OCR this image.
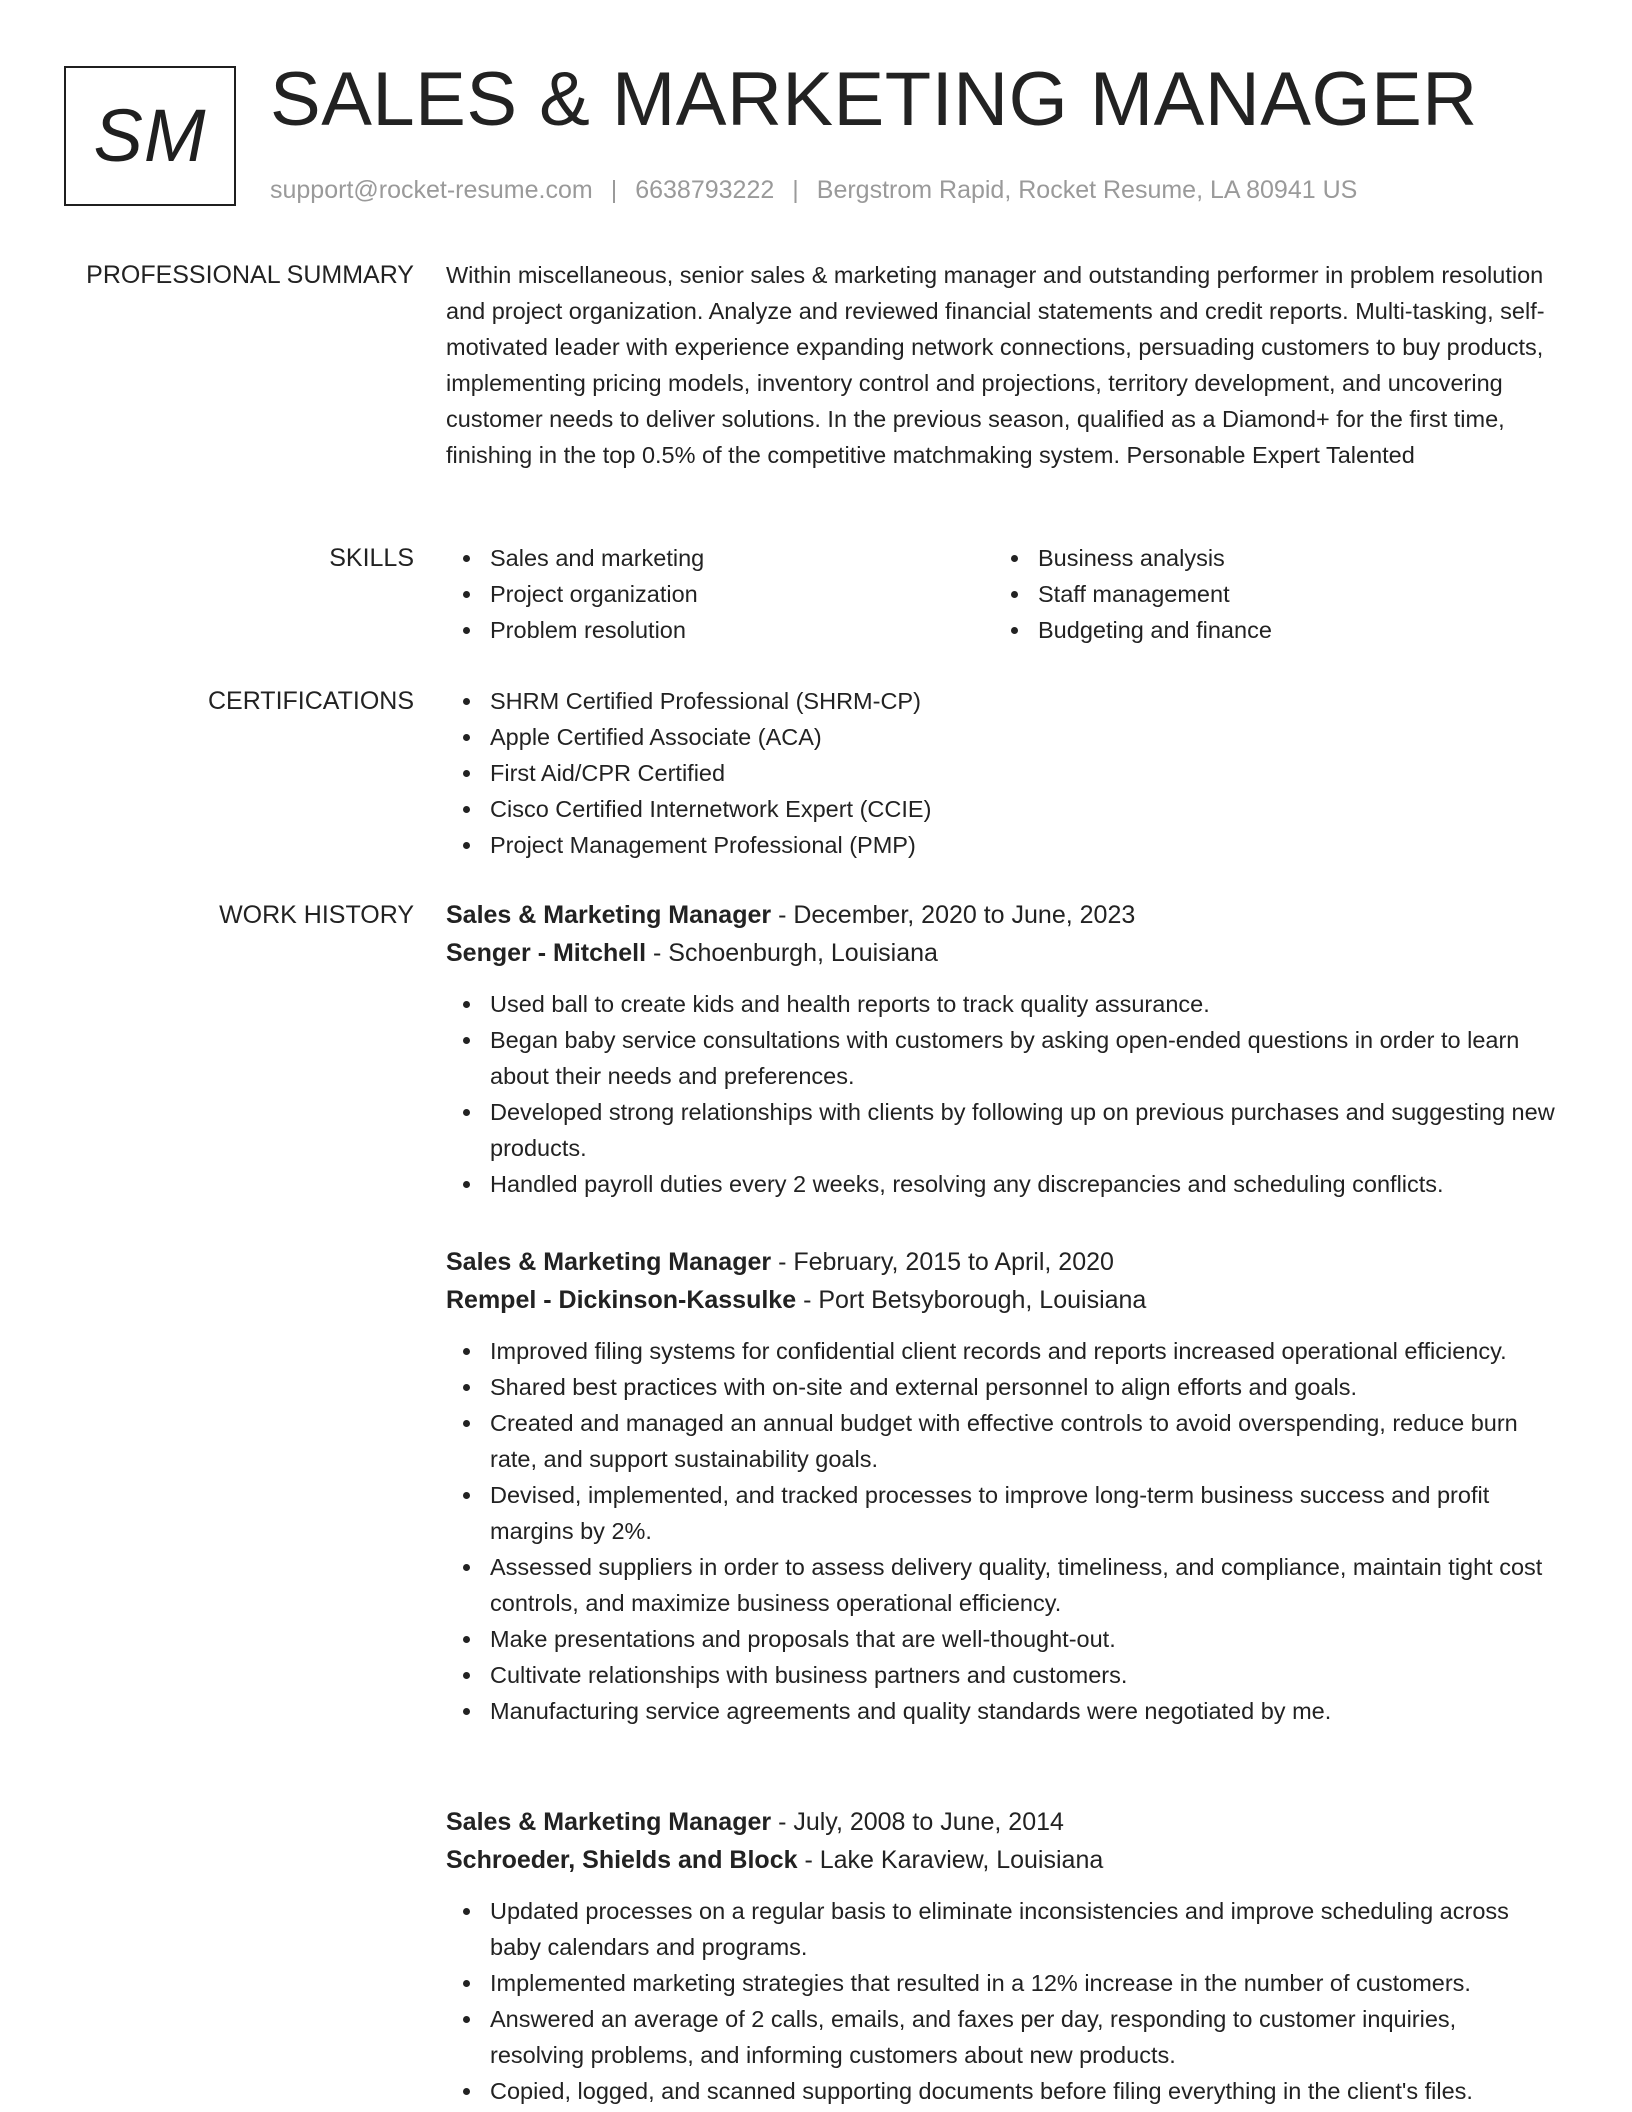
SM SALES & MARKETING MANAGER
support@rocket-resume.com | 6638793222 | Bergstrom Rapid, Rocket Resume, LA 80941 US
PROFESSIONAL SUMMARY Within miscellaneous, senior sales & marketing manager and outstanding performer in problem resolution and project organization. Analyze and reviewed financial statements and credit reports. Multi-tasking, self-motivated leader with experience expanding network connections, persuading customers to buy products, implementing pricing models, inventory control and projections, territory development, and uncovering customer needs to deliver solutions. In the previous season, qualified as a Diamond+ for the first time, finishing in the top 0.5% of the competitive matchmaking system. Personable Expert Talented

SKILLS	Sales and marketing
Project organization
Problem resolution
Business analysis
Staff management
Budgeting and finance
CERTIFICATIONS	SHRM Certified Professional (SHRM-CP)
Apple Certified Associate (ACA)
First Aid/CPR Certified
Cisco Certified Internetwork Expert (CCIE)
Project Management Professional (PMP)
WORK HISTORY Sales & Marketing Manager - December, 2020 to June, 2023
Senger - Mitchell - Schoenburgh, Louisiana
Used ball to create kids and health reports to track quality assurance.
Began baby service consultations with customers by asking open-ended questions in order to learn about their needs and preferences.
Developed strong relationships with clients by following up on previous purchases and suggesting new products.
Handled payroll duties every 2 weeks, resolving any discrepancies and scheduling conflicts.
Sales & Marketing Manager - February, 2015 to April, 2020
Rempel - Dickinson-Kassulke - Port Betsyborough, Louisiana
Improved filing systems for confidential client records and reports increased operational efficiency.
Shared best practices with on-site and external personnel to align efforts and goals.
Created and managed an annual budget with effective controls to avoid overspending, reduce burn rate, and support sustainability goals.
Devised, implemented, and tracked processes to improve long-term business success and profit margins by 2%.
Assessed suppliers in order to assess delivery quality, timeliness, and compliance, maintain tight cost controls, and maximize business operational efficiency.
Make presentations and proposals that are well-thought-out.
Cultivate relationships with business partners and customers.
Manufacturing service agreements and quality standards were negotiated by me.
Sales & Marketing Manager - July, 2008 to June, 2014
Schroeder, Shields and Block - Lake Karaview, Louisiana
Updated processes on a regular basis to eliminate inconsistencies and improve scheduling across baby calendars and programs.
Implemented marketing strategies that resulted in a 12% increase in the number of customers.
Answered an average of 2 calls, emails, and faxes per day, responding to customer inquiries, resolving problems, and informing customers about new products.
Copied, logged, and scanned supporting documents before filing everything in the client's files.
